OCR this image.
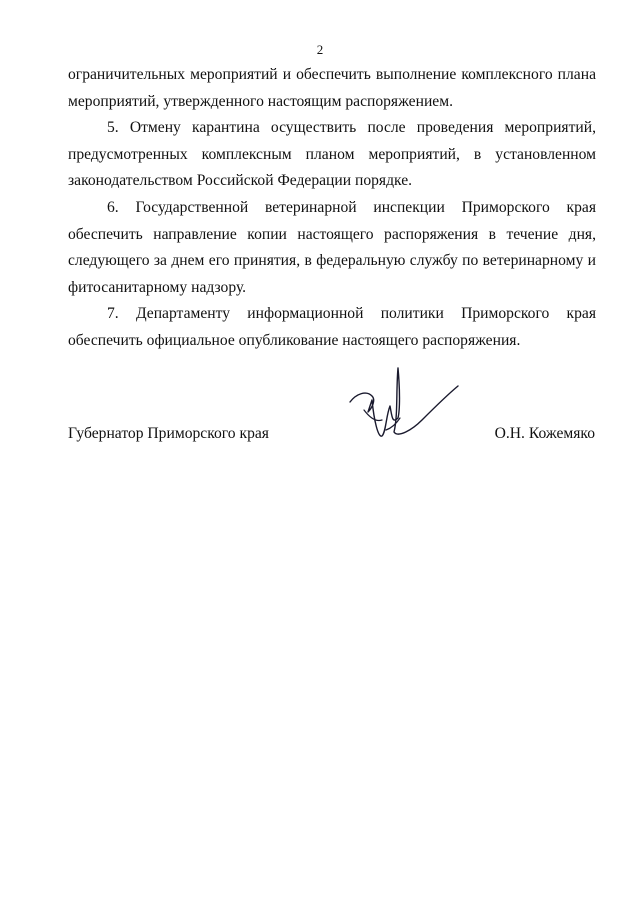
2

ограничительных мероприятий и обеспечить выполнение комплексного плана

мероприятий, утвержденного настоящим распоряжением.

5. Отмену карантина осуществить после проведения мероприятий,

предусмотренных комплексным планом мероприятий, в установленном

законодательством Российской Федерации порядке.

6. Государственной ветеринарной инспекции Приморского края

обеспечить направление копии настоящего распоряжения в течение дня,

следующего за днем его принятия, в федеральную службу по ветеринарному и

фитосанитарному надзору.

7. Департаменту информационной политики Приморского края

обеспечить официальное опубликование настоящего распоряжения.

Губернатор Приморского края	О.Н. Кожемяко
